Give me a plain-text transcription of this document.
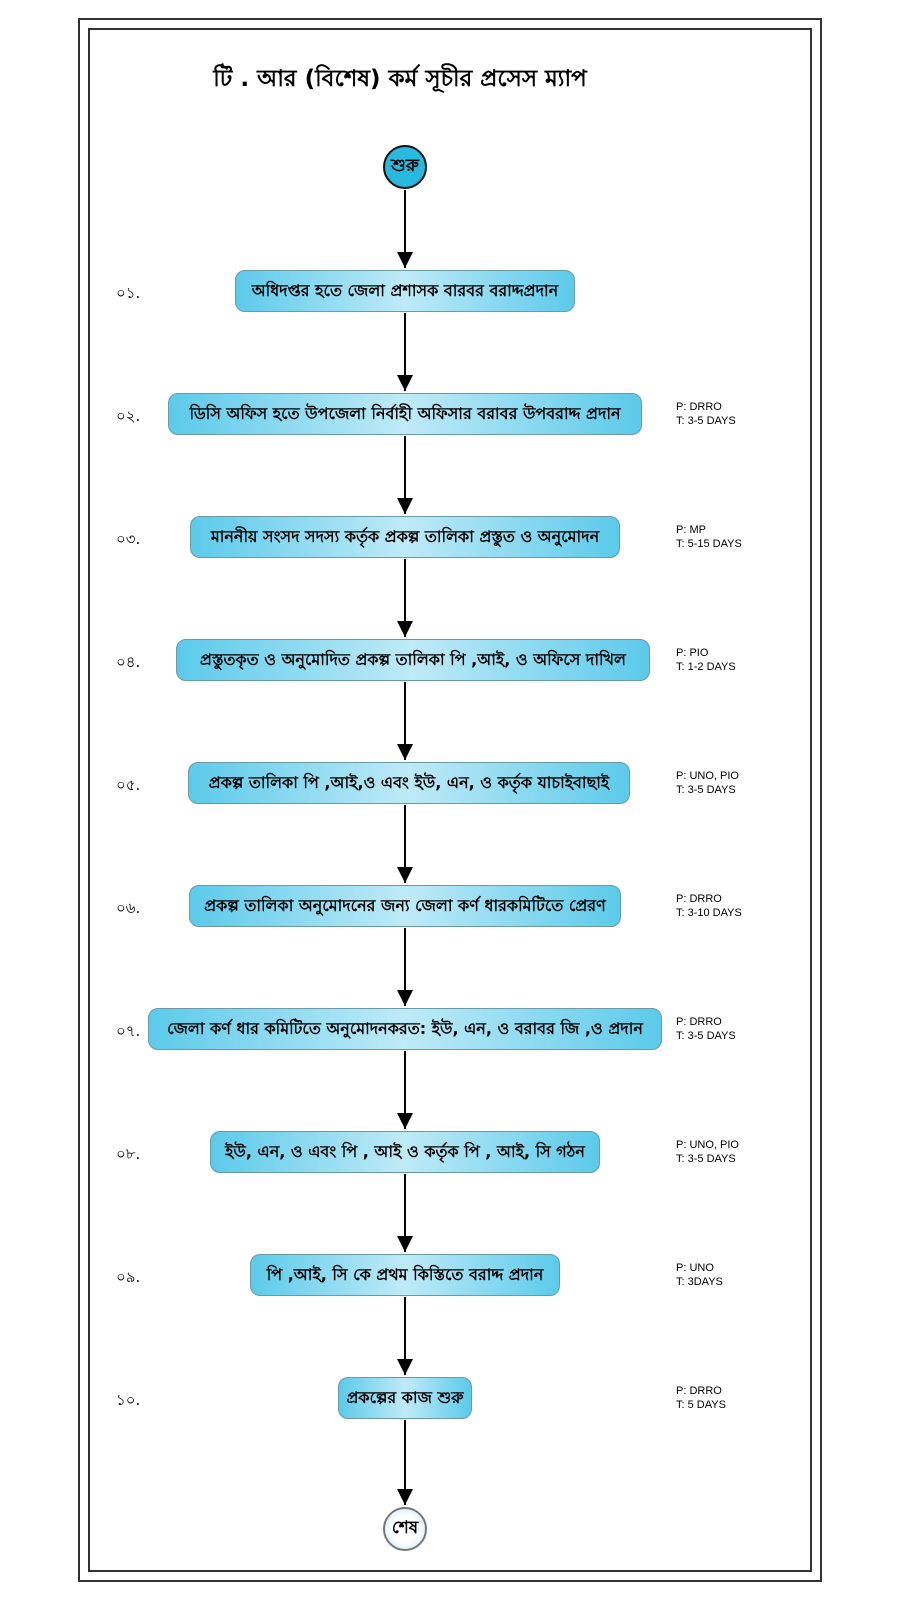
টি . আর (বিশেষ) কর্ম সূচীর প্রসেস ম্যাপ
শুরু
০১.	অধিদপ্তর হতে জেলা প্রশাসক বারবর বরাদ্দপ্রদান
০২.	ডিসি অফিস হতে উপজেলা নির্বাহী অফিসার বরাবর উপবরাদ্দ প্রদান	P: DRRO
T: 3-5 DAYS
০৩.	মাননীয় সংসদ সদস্য কর্তৃক প্রকল্প তালিকা প্রস্তুত ও অনুমোদন	P: MP
T: 5-15 DAYS
০৪.	প্রস্তুতকৃত ও অনুমোদিত প্রকল্প তালিকা পি ,আই, ও অফিসে দাখিল	P: PIO
T: 1-2 DAYS
০৫.	প্রকল্প তালিকা পি ,আই,ও এবং ইউ, এন, ও কর্তৃক যাচাইবাছাই	P: UNO, PIO
T: 3-5 DAYS
০৬.	প্রকল্প তালিকা অনুমোদনের জন্য জেলা কর্ণ ধারকমিটিতে প্রেরণ	P: DRRO
T: 3-10 DAYS
০৭.	জেলা কর্ণ ধার কমিটিতে অনুমোদনকরত: ইউ, এন, ও বরাবর জি ,ও প্রদান	P: DRRO
T: 3-5 DAYS
০৮.	ইউ, এন, ও এবং পি , আই ও কর্তৃক পি , আই, সি গঠন	P: UNO, PIO
T: 3-5 DAYS
০৯.	পি ,আই, সি কে প্রথম কিস্তিতে বরাদ্দ প্রদান	P: UNO
T: 3DAYS
১০.	প্রকল্পের কাজ শুরু	P: DRRO
T: 5 DAYS
শেষ
